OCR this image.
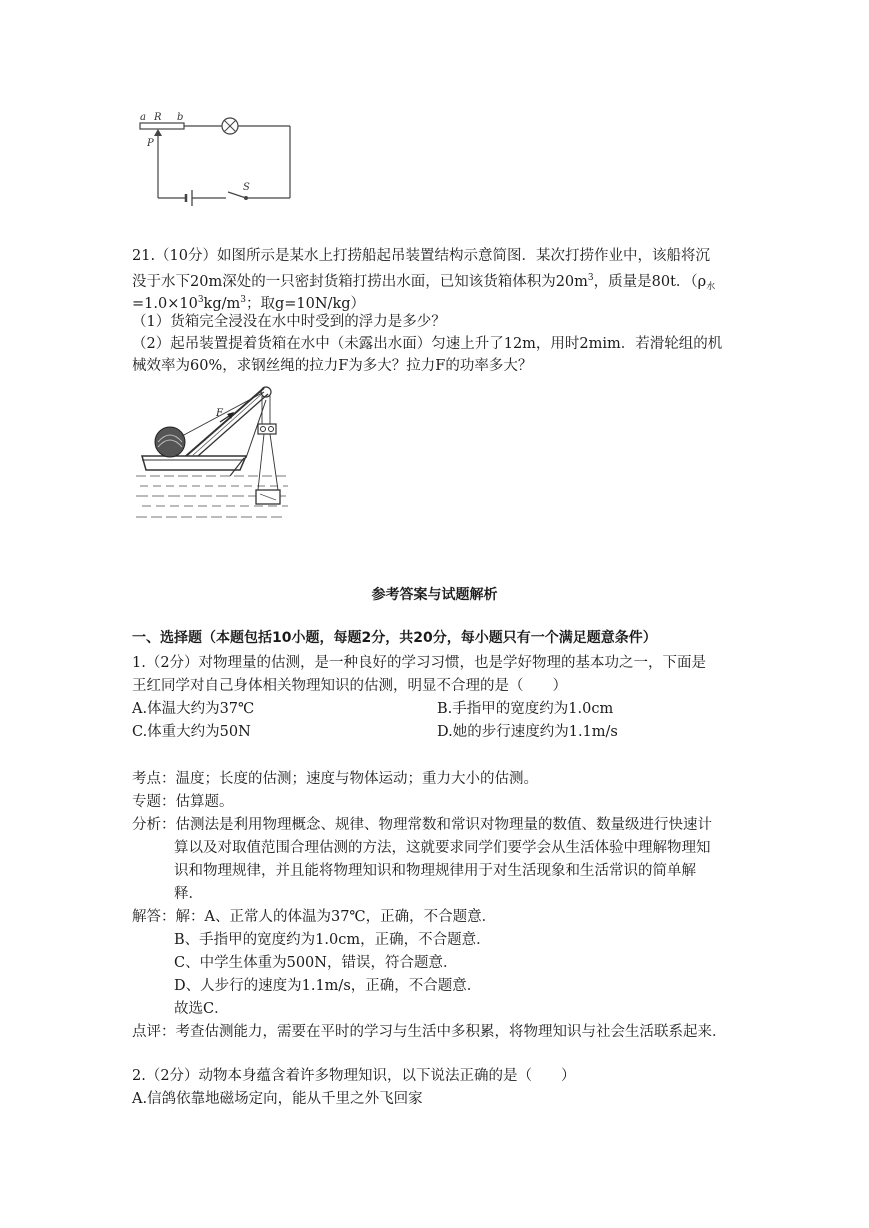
a R b
P
S
21.（10分）如图所示是某水上打捞船起吊装置结构示意简图．某次打捞作业中，该船将沉
没于水下20m深处的一只密封货箱打捞出水面，已知该货箱体积为$20m^3$，质量是80t．（$\rho_水$
$=1.0\times 10^3kg/m^3$；取g=10N/kg）
（1）货箱完全浸没在水中时受到的浮力是多少？
（2）起吊装置提着货箱在水中（未露出水面）匀速上升了12m，用时2mim．若滑轮组的机
械效率为60%，求钢丝绳的拉力F为多大？拉力F的功率多大？
F
参考答案与试题解析
一、选择题（本题包括10小题，每题2分，共20分，每小题只有一个满足题意条件）
1.（2分）对物理量的估测，是一种良好的学习习惯，也是学好物理的基本功之一，下面是
王红同学对自己身体相关物理知识的估测，明显不合理的是（　　）
A.体温大约为37℃	B.手指甲的宽度约为1.0cm
C.体重大约为50N	D.她的步行速度约为1.1m/s
考点：温度；长度的估测；速度与物体运动；重力大小的估测。
专题：估算题。
分析：估测法是利用物理概念、规律、物理常数和常识对物理量的数值、数量级进行快速计
算以及对取值范围合理估测的方法，这就要求同学们要学会从生活体验中理解物理知
识和物理规律，并且能将物理知识和物理规律用于对生活现象和生活常识的简单解
释．
解答：解：A、正常人的体温为37℃，正确，不合题意．
B、手指甲的宽度约为1.0cm，正确，不合题意．
C、中学生体重为500N，错误，符合题意．
D、人步行的速度为1.1m/s，正确，不合题意．
故选C．
点评：考查估测能力，需要在平时的学习与生活中多积累，将物理知识与社会生活联系起来．
2.（2分）动物本身蕴含着许多物理知识，以下说法正确的是（　　）
A.信鸽依靠地磁场定向，能从千里之外飞回家
